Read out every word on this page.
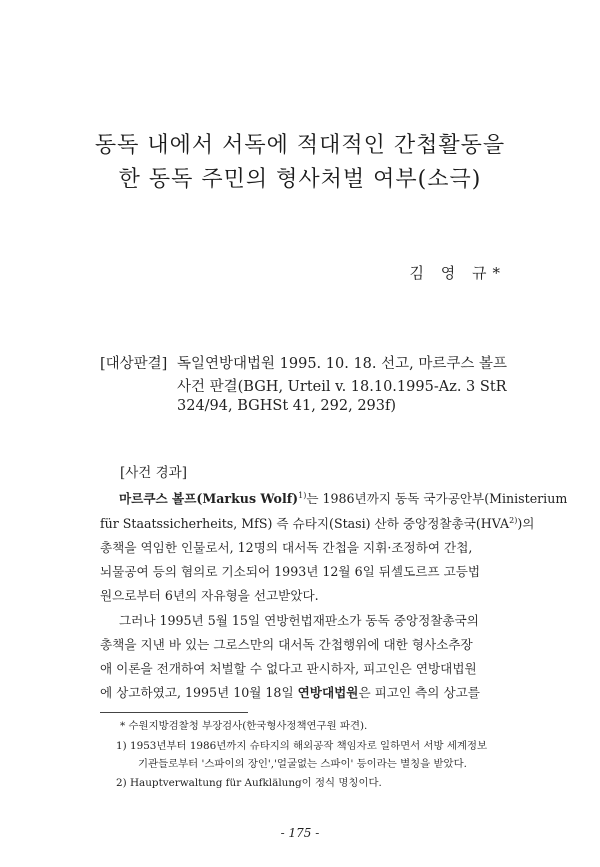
동독 내에서 서독에 적대적인 간첩활동을
한 동독 주민의 형사처벌 여부(소극)
김 영 규*
[대상판결] 독일연방대법원 1995. 10. 18. 선고, 마르쿠스 볼프
사건 판결(BGH, Urteil v. 18.10.1995-Az. 3 StR
324/94, BGHSt 41, 292, 293f)
[사건 경과]
마르쿠스 볼프(Markus Wolf)$^{1)}$는 1986년까지 동독 국가공안부(Ministerium
für Staatssicherheits, MfS) 즉 슈타지(Stasi) 산하 중앙정찰총국(HVA$^{2)}$)의
총책을 역임한 인물로서, 12명의 대서독 간첩을 지휘·조정하여 간첩,
뇌물공여 등의 혐의로 기소되어 1993년 12월 6일 뒤셀도르프 고등법
원으로부터 6년의 자유형을 선고받았다.
그러나 1995년 5월 15일 연방헌법재판소가 동독 중앙정찰총국의
총책을 지낸 바 있는 그로스만의 대서독 간첩행위에 대한 형사소추장
애 이론을 전개하여 처벌할 수 없다고 판시하자, 피고인은 연방대법원
에 상고하였고, 1995년 10월 18일 연방대법원은 피고인 측의 상고를
* 수원지방검찰청 부장검사(한국형사정책연구원 파견).
1) 1953년부터 1986년까지 슈타지의 해외공작 책임자로 일하면서 서방 세계정보
기관들로부터 '스파이의 장인','얼굴없는 스파이' 등이라는 별칭을 받았다.
2) Hauptverwaltung für Aufklälung이 정식 명칭이다.
- 175 -
